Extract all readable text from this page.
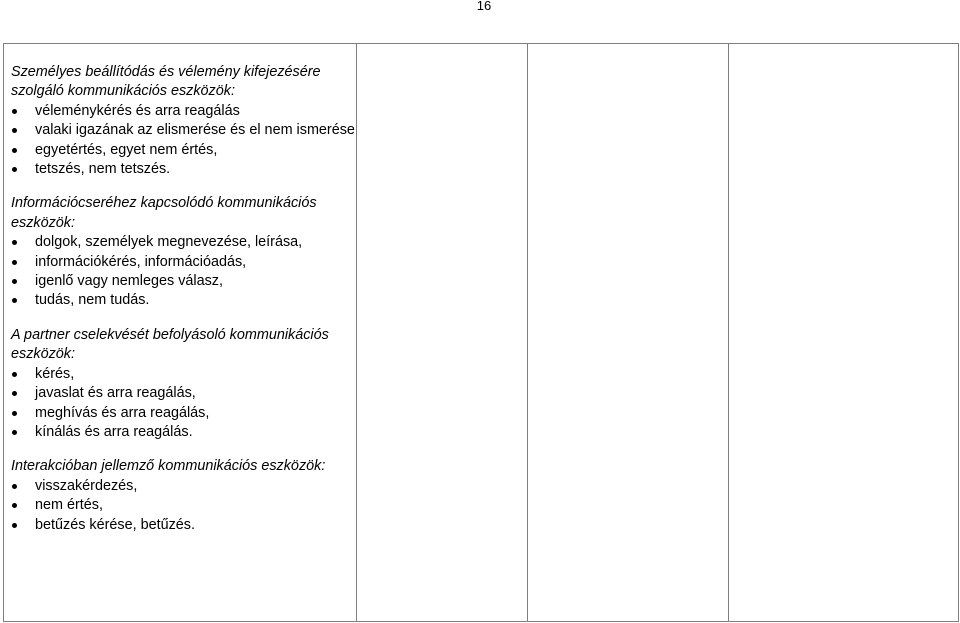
16
Személyes beállítódás és vélemény kifejezésére szolgáló kommunikációs eszközök:
véleménykérés és arra reagálás
valaki igazának az elismerése és el nem ismerése
egyetértés, egyet nem értés,
tetszés, nem tetszés.
Információcseréhez kapcsolódó kommunikációs eszközök:
dolgok, személyek megnevezése, leírása,
információkérés, információadás,
igenlő vagy nemleges válasz,
tudás, nem tudás.
A partner cselekvését befolyásoló kommunikációs eszközök:
kérés,
javaslat és arra reagálás,
meghívás és arra reagálás,
kínálás és arra reagálás.
Interakcióban jellemző kommunikációs eszközök:
visszakérdezés,
nem értés,
betűzés kérése, betűzés.
